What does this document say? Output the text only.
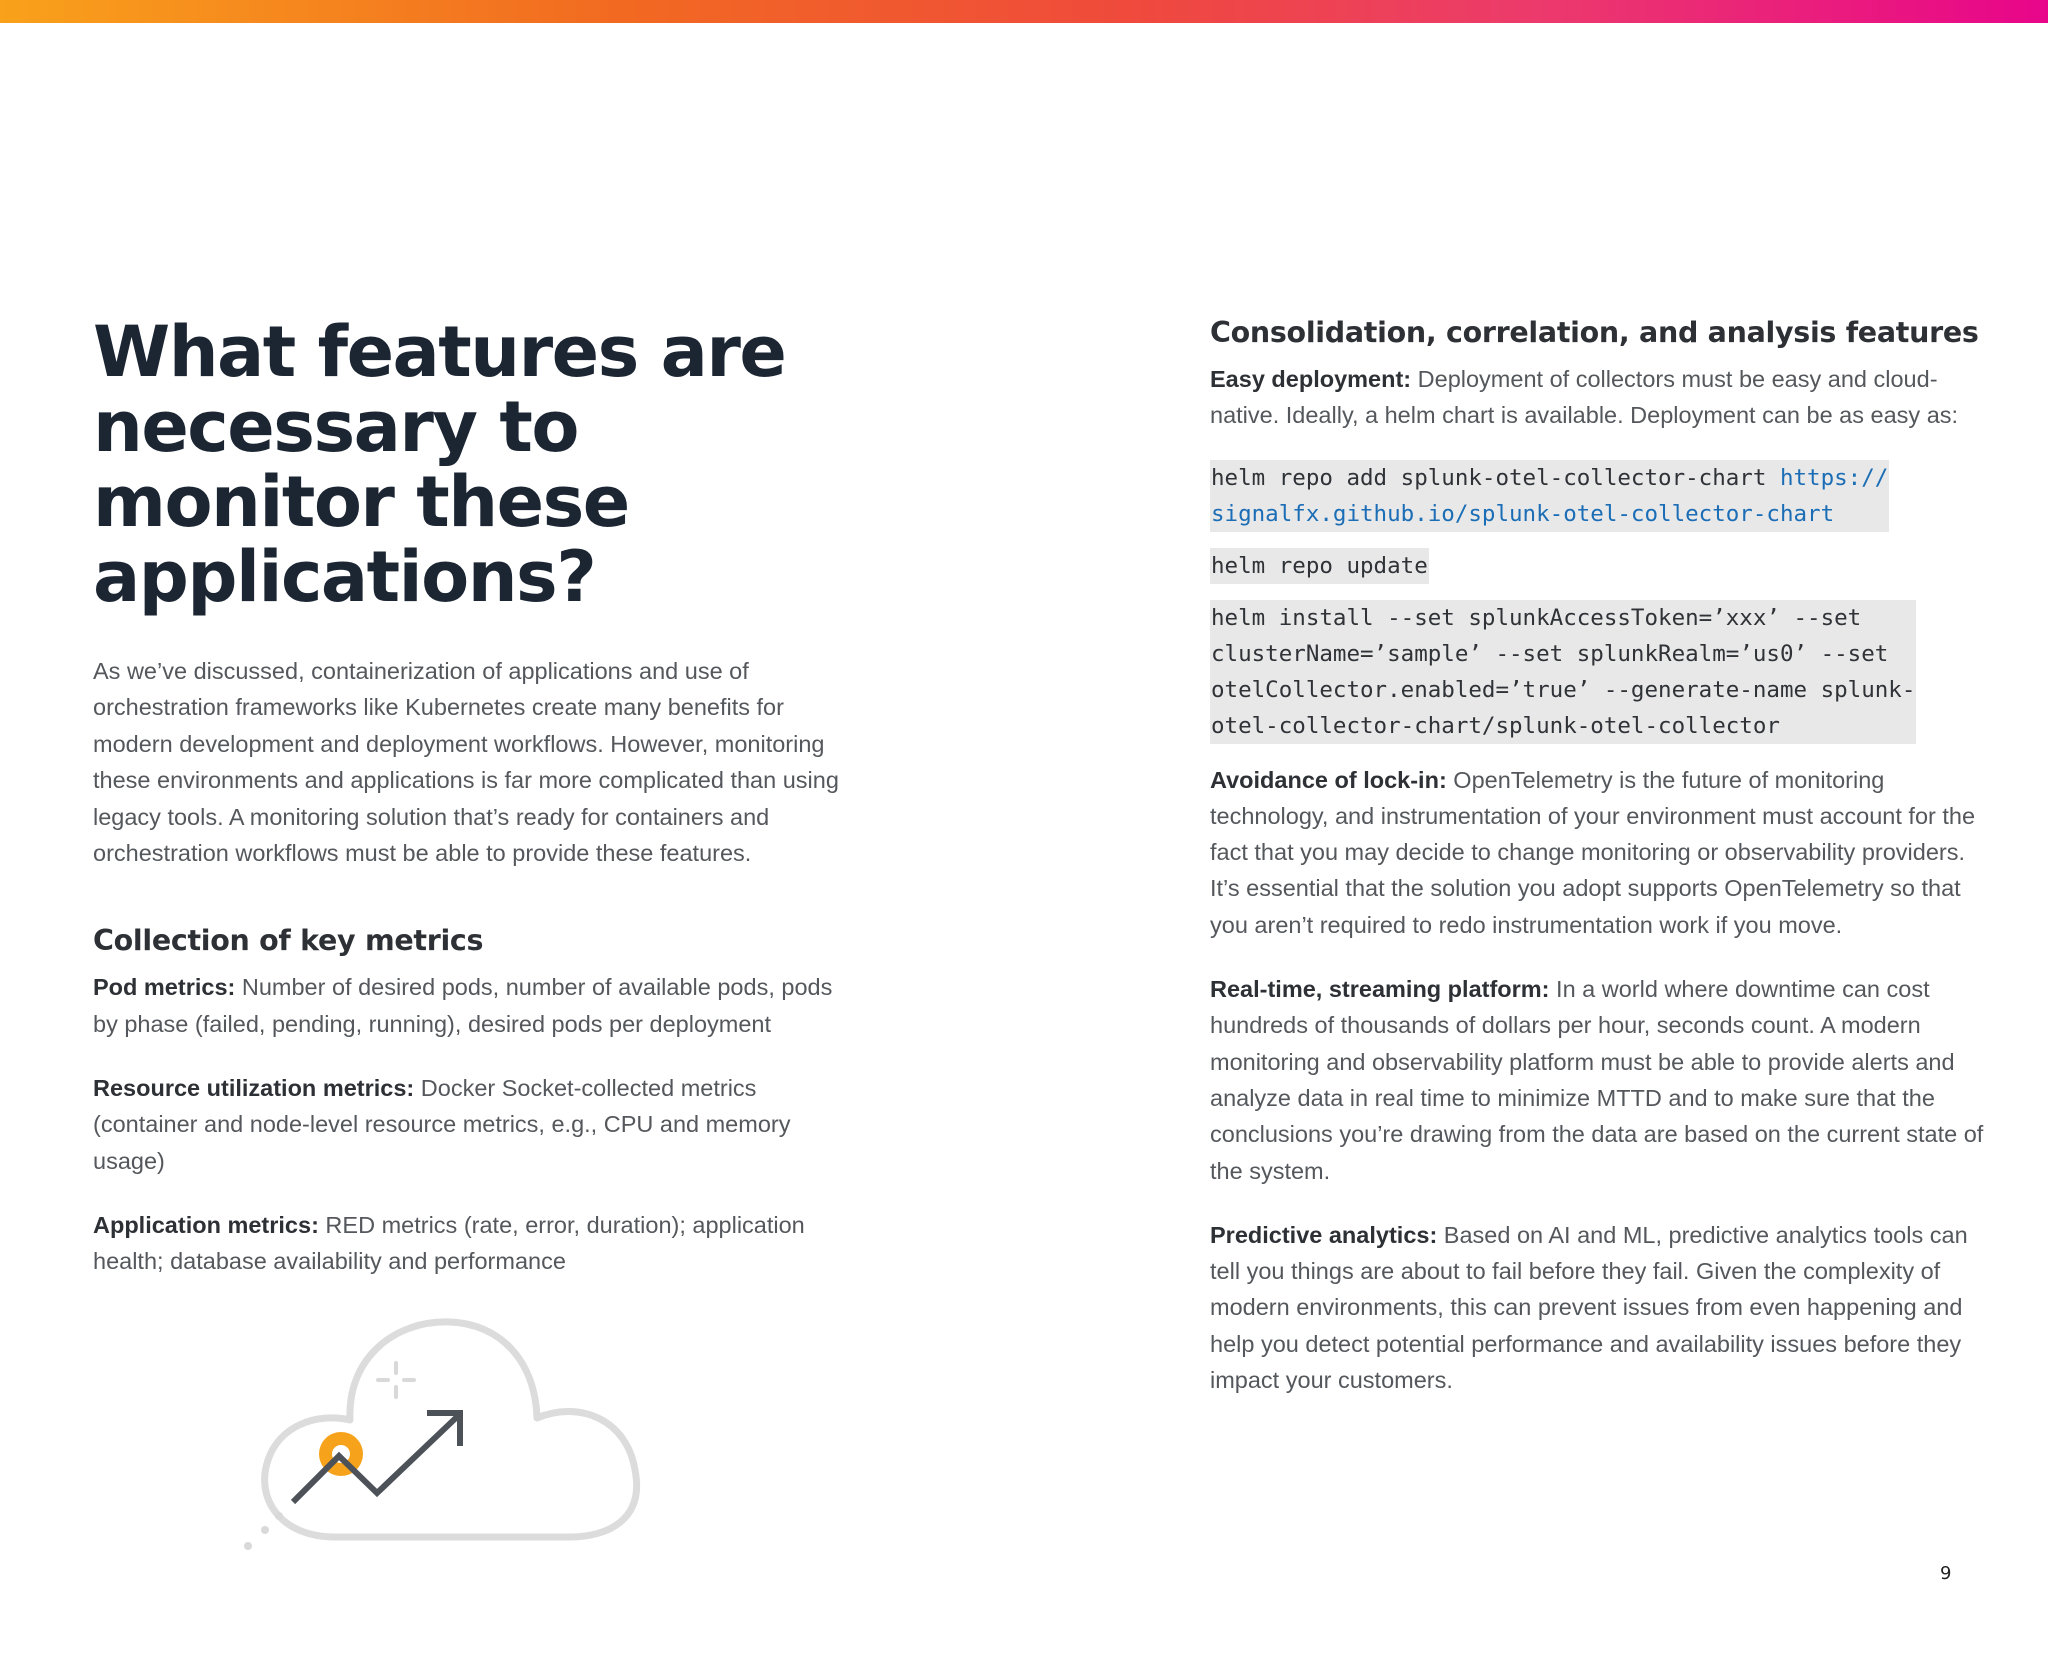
What features are necessary to monitor these applications?

As we’ve discussed, containerization of applications and use of orchestration frameworks like Kubernetes create many benefits for modern development and deployment workflows. However, monitoring these environments and applications is far more complicated than using legacy tools. A monitoring solution that’s ready for containers and orchestration workflows must be able to provide these features.

Collection of key metrics

Pod metrics: Number of desired pods, number of available pods, pods by phase (failed, pending, running), desired pods per deployment

Resource utilization metrics: Docker Socket-collected metrics (container and node-level resource metrics, e.g., CPU and memory usage)

Application metrics: RED metrics (rate, error, duration); application health; database availability and performance

Consolidation, correlation, and analysis features

Easy deployment: Deployment of collectors must be easy and cloud-native. Ideally, a helm chart is available. Deployment can be as easy as:

helm repo add splunk-otel-collector-chart https://
signalfx.github.io/splunk-otel-collector-chart
helm repo update
helm install --set splunkAccessToken=’xxx’ --set
clusterName=’sample’ --set splunkRealm=’us0’ --set
otelCollector.enabled=’true’ --generate-name splunk-
otel-collector-chart/splunk-otel-collector

Avoidance of lock-in: OpenTelemetry is the future of monitoring technology, and instrumentation of your environment must account for the fact that you may decide to change monitoring or observability providers. It’s essential that the solution you adopt supports OpenTelemetry so that you aren’t required to redo instrumentation work if you move.

Real-time, streaming platform: In a world where downtime can cost hundreds of thousands of dollars per hour, seconds count. A modern monitoring and observability platform must be able to provide alerts and analyze data in real time to minimize MTTD and to make sure that the conclusions you’re drawing from the data are based on the current state of the system.

Predictive analytics: Based on AI and ML, predictive analytics tools can tell you things are about to fail before they fail. Given the complexity of modern environments, this can prevent issues from even happening and help you detect potential performance and availability issues before they impact your customers.

9
